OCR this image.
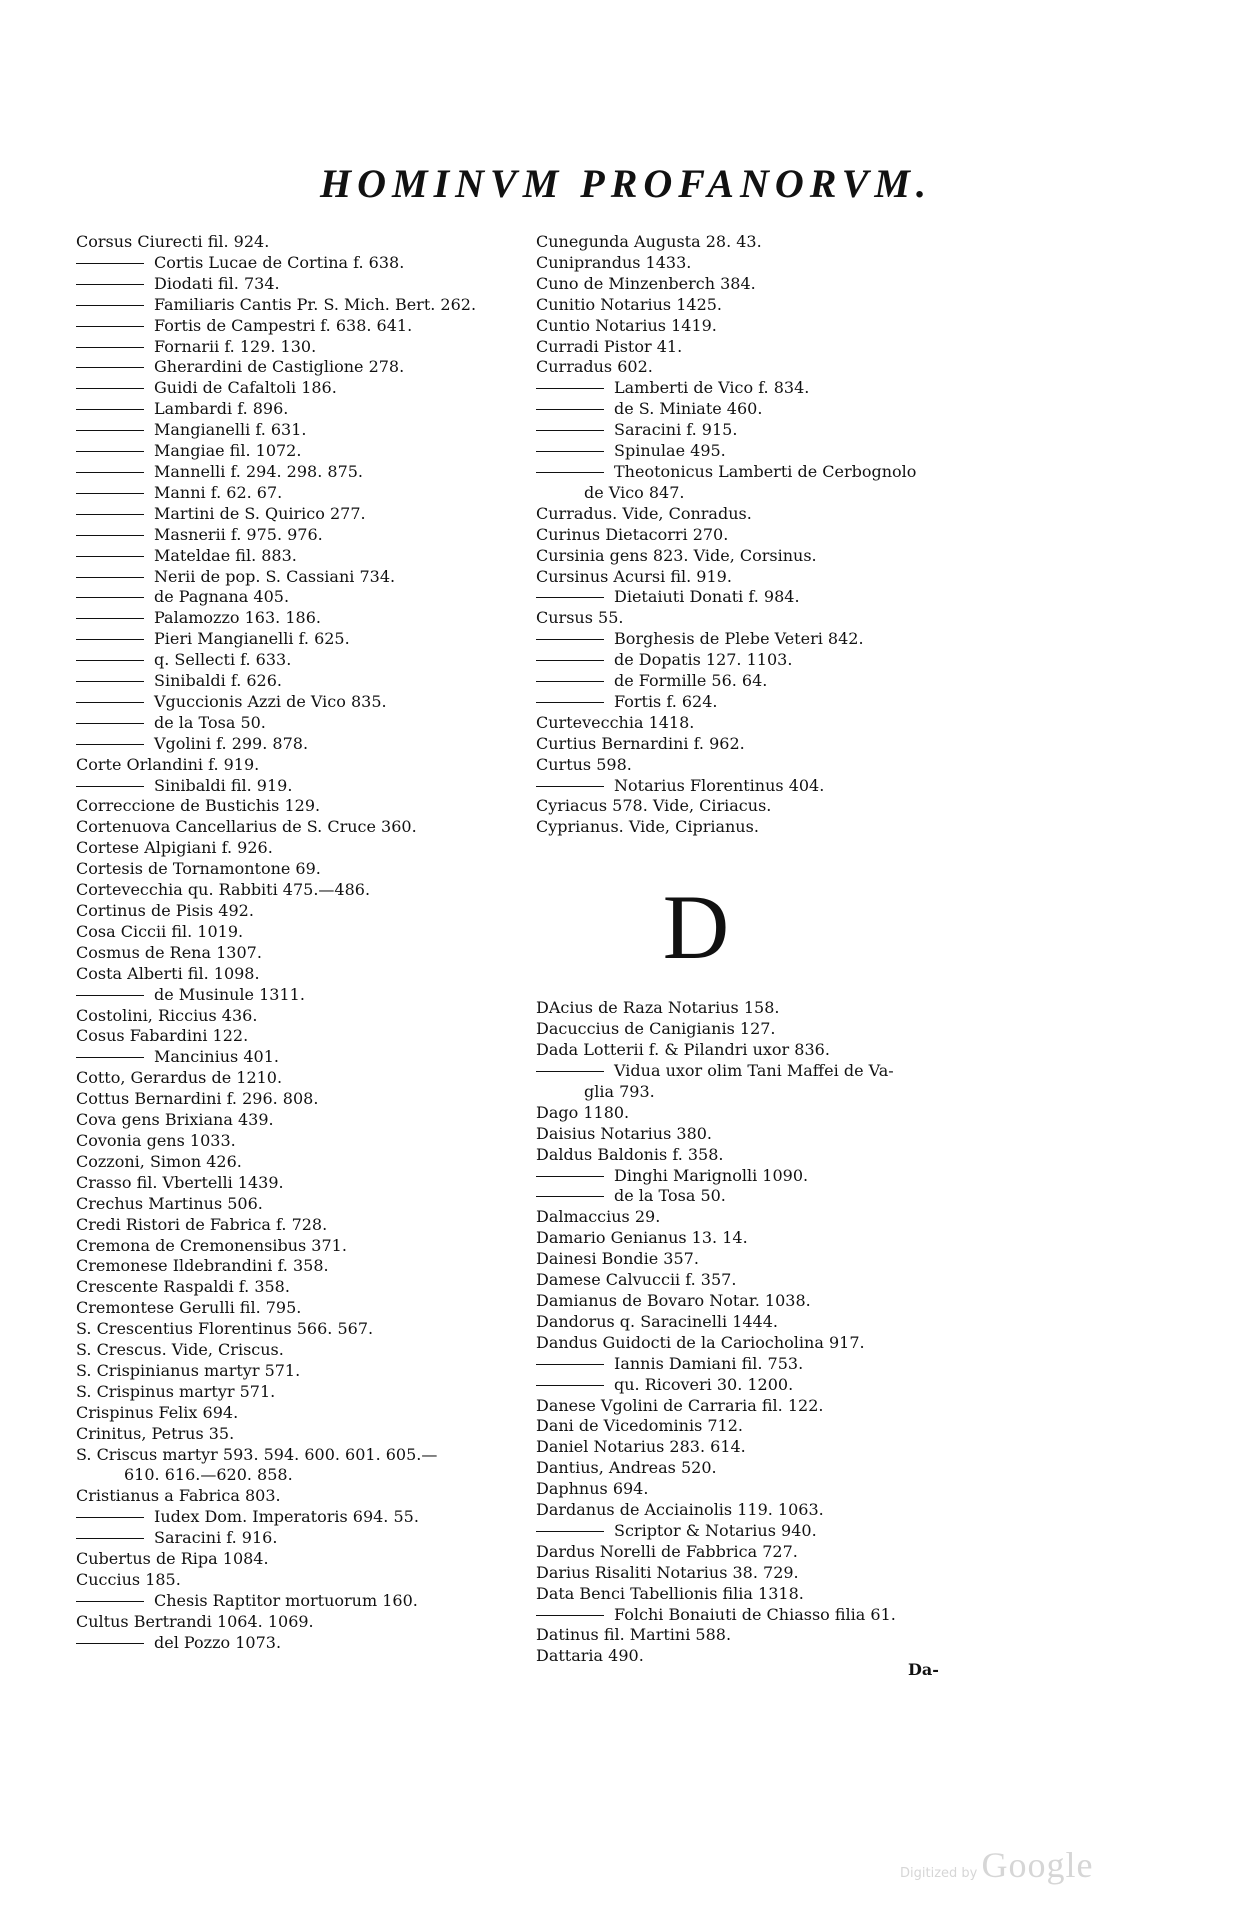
HOMINVM PROFANORVM.
Corsus Ciurecti fil. 924.
Cortis Lucae de Cortina f. 638.
Diodati fil. 734.
Familiaris Cantis Pr. S. Mich. Bert. 262.
Fortis de Campestri f. 638. 641.
Fornarii f. 129. 130.
Gherardini de Castiglione 278.
Guidi de Cafaltoli 186.
Lambardi f. 896.
Mangianelli f. 631.
Mangiae fil. 1072.
Mannelli f. 294. 298. 875.
Manni f. 62. 67.
Martini de S. Quirico 277.
Masnerii f. 975. 976.
Mateldae fil. 883.
Nerii de pop. S. Cassiani 734.
de Pagnana 405.
Palamozzo 163. 186.
Pieri Mangianelli f. 625.
q. Sellecti f. 633.
Sinibaldi f. 626.
Vguccionis Azzi de Vico 835.
de la Tosa 50.
Vgolini f. 299. 878.
Corte Orlandini f. 919.
Sinibaldi fil. 919.
Correccione de Bustichis 129.
Cortenuova Cancellarius de S. Cruce 360.
Cortese Alpigiani f. 926.
Cortesis de Tornamontone 69.
Cortevecchia qu. Rabbiti 475.—486.
Cortinus de Pisis 492.
Cosa Ciccii fil. 1019.
Cosmus de Rena 1307.
Costa Alberti fil. 1098.
de Musinule 1311.
Costolini, Riccius 436.
Cosus Fabardini 122.
Mancinius 401.
Cotto, Gerardus de 1210.
Cottus Bernardini f. 296. 808.
Cova gens Brixiana 439.
Covonia gens 1033.
Cozzoni, Simon 426.
Crasso fil. Vbertelli 1439.
Crechus Martinus 506.
Credi Ristori de Fabrica f. 728.
Cremona de Cremonensibus 371.
Cremonese Ildebrandini f. 358.
Crescente Raspaldi f. 358.
Cremontese Gerulli fil. 795.
S. Crescentius Florentinus 566. 567.
S. Crescus. Vide, Criscus.
S. Crispinianus martyr 571.
S. Crispinus martyr 571.
Crispinus Felix 694.
Crinitus, Petrus 35.
S. Criscus martyr 593. 594. 600. 601. 605.—
610. 616.—620. 858.
Cristianus a Fabrica 803.
Iudex Dom. Imperatoris 694. 55.
Saracini f. 916.
Cubertus de Ripa 1084.
Cuccius 185.
Chesis Raptitor mortuorum 160.
Cultus Bertrandi 1064. 1069.
del Pozzo 1073.
Cunegunda Augusta 28. 43.
Cuniprandus 1433.
Cuno de Minzenberch 384.
Cunitio Notarius 1425.
Cuntio Notarius 1419.
Curradi Pistor 41.
Curradus 602.
Lamberti de Vico f. 834.
de S. Miniate 460.
Saracini f. 915.
Spinulae 495.
Theotonicus Lamberti de Cerbognolo
de Vico 847.
Curradus. Vide, Conradus.
Curinus Dietacorri 270.
Cursinia gens 823. Vide, Corsinus.
Cursinus Acursi fil. 919.
Dietaiuti Donati f. 984.
Cursus 55.
Borghesis de Plebe Veteri 842.
de Dopatis 127. 1103.
de Formille 56. 64.
Fortis f. 624.
Curtevecchia 1418.
Curtius Bernardini f. 962.
Curtus 598.
Notarius Florentinus 404.
Cyriacus 578. Vide, Ciriacus.
Cyprianus. Vide, Ciprianus.
D
DAcius de Raza Notarius 158.
Dacuccius de Canigianis 127.
Dada Lotterii f. & Pilandri uxor 836.
Vidua uxor olim Tani Maffei de Va-
glia 793.
Dago 1180.
Daisius Notarius 380.
Daldus Baldonis f. 358.
Dinghi Marignolli 1090.
de la Tosa 50.
Dalmaccius 29.
Damario Genianus 13. 14.
Dainesi Bondie 357.
Damese Calvuccii f. 357.
Damianus de Bovaro Notar. 1038.
Dandorus q. Saracinelli 1444.
Dandus Guidocti de la Cariocholina 917.
Iannis Damiani fil. 753.
qu. Ricoveri 30. 1200.
Danese Vgolini de Carraria fil. 122.
Dani de Vicedominis 712.
Daniel Notarius 283. 614.
Dantius, Andreas 520.
Daphnus 694.
Dardanus de Acciainolis 119. 1063.
Scriptor & Notarius 940.
Dardus Norelli de Fabbrica 727.
Darius Risaliti Notarius 38. 729.
Data Benci Tabellionis filia 1318.
Folchi Bonaiuti de Chiasso filia 61.
Datinus fil. Martini 588.
Dattaria 490.
Da-
Digitized by Google
